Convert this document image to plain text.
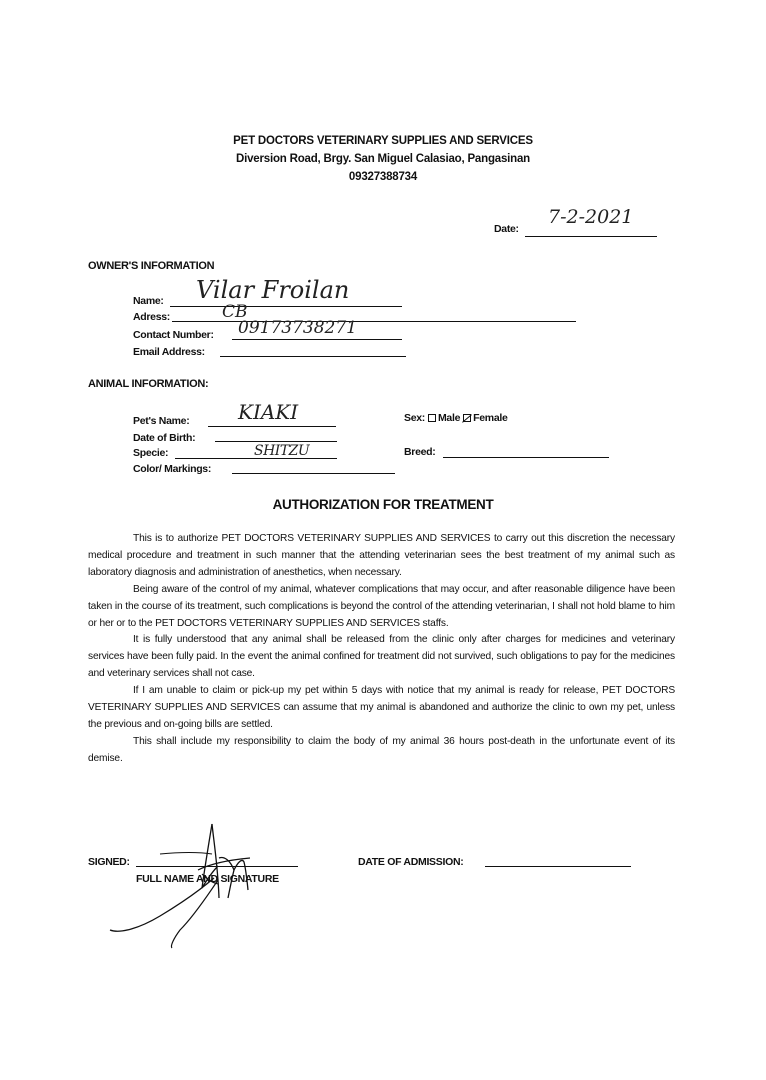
PET DOCTORS VETERINARY SUPPLIES AND SERVICES
Diversion Road, Brgy. San Miguel Calasiao, Pangasinan
09327388734
Date:
7-2-2021
OWNER'S INFORMATION
Name: Vilar Froilan
Adress:	CB
Contact Number: 09173738271
Email Address:
ANIMAL INFORMATION:
Pet's Name: KIAKI
Date of Birth:
Specie:	SHITZU
Color/ Markings:
Sex: Male Female
Breed:
AUTHORIZATION FOR TREATMENT

This is to authorize PET DOCTORS VETERINARY SUPPLIES AND SERVICES to carry out this discretion the necessary medical procedure and treatment in such manner that the attending veterinarian sees the best treatment of my animal such as laboratory diagnosis and administration of anesthetics, when necessary.

Being aware of the control of my animal, whatever complications that may occur, and after reasonable diligence have been taken in the course of its treatment, such complications is beyond the control of the attending veterinarian, I shall not hold blame to him or her or to the PET DOCTORS VETERINARY SUPPLIES AND SERVICES staffs.

It is fully understood that any animal shall be released from the clinic only after charges for medicines and veterinary services have been fully paid. In the event the animal confined for treatment did not survived, such obligations to pay for the medicines and veterinary services shall not case.

If I am unable to claim or pick-up my pet within 5 days with notice that my animal is ready for release, PET DOCTORS VETERINARY SUPPLIES AND SERVICES can assume that my animal is abandoned and authorize the clinic to own my pet, unless the previous and on-going bills are settled.

This shall include my responsibility to claim the body of my animal 36 hours post-death in the unfortunate event of its demise.

SIGNED:
FULL NAME AND SIGNATURE
DATE OF ADMISSION:
